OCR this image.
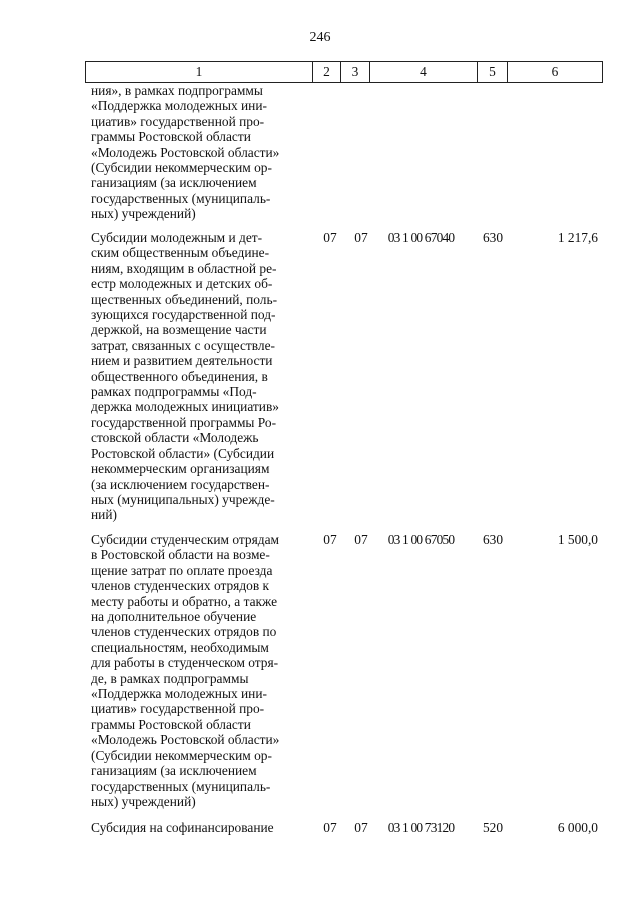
246
1	2	3	4	5	6
ния», в рамках подпрограммы
«Поддержка молодежных ини-
циатив» государственной про-
граммы Ростовской области
«Молодежь Ростовской области»
(Субсидии некоммерческим ор-
ганизациям (за исключением
государственных (муниципаль-
ных) учреждений)
Субсидии молодежным и дет-
ским общественным объедине-
ниям, входящим в областной ре-
естр молодежных и детских об-
щественных объединений, поль-
зующихся государственной под-
держкой, на возмещение части
затрат, связанных с осуществле-
нием и развитием деятельности
общественного объединения, в
рамках подпрограммы «Под-
держка молодежных инициатив»
государственной программы Ро-
стовской области «Молодежь
Ростовской области» (Субсидии
некоммерческим организациям
(за исключением государствен-
ных (муниципальных) учрежде-
ний)
07 07	03 1 00 67040	630	1 217,6
Субсидии студенческим отрядам
в Ростовской области на возме-
щение затрат по оплате проезда
членов студенческих отрядов к
месту работы и обратно, а также
на дополнительное обучение
членов студенческих отрядов по
специальностям, необходимым
для работы в студенческом отря-
де, в рамках подпрограммы
«Поддержка молодежных ини-
циатив» государственной про-
граммы Ростовской области
«Молодежь Ростовской области»
(Субсидии некоммерческим ор-
ганизациям (за исключением
государственных (муниципаль-
ных) учреждений)
07 07	03 1 00 67050	630	1 500,0
Субсидия на софинансирование	07 07	03 1 00 73120	520	6 000,0
